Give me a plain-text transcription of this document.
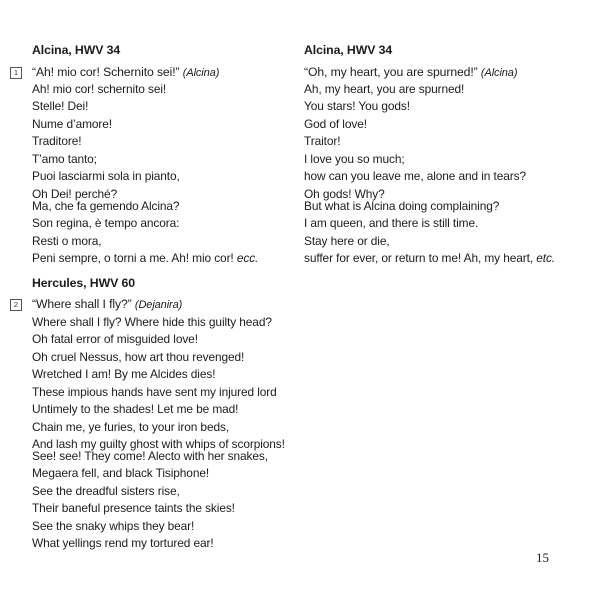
Alcina, HWV 34
1	“Ah! mio cor! Schernito sei!” (Alcina)
Ah! mio cor! schernito sei!
Stelle! Dei!
Nume d’amore!
Traditore!
T’amo tanto;
Puoi lasciarmi sola in pianto,
Oh Dei! perché?
Ma, che fa gemendo Alcina?
Son regina, è tempo ancora:
Resti o mora,
Peni sempre, o torni a me. Ah! mio cor! ecc.
Hercules, HWV 60
2	“Where shall I fly?” (Dejanira)
Where shall I fly? Where hide this guilty head?
Oh fatal error of misguided love!
Oh cruel Nessus, how art thou revenged!
Wretched I am! By me Alcides dies!
These impious hands have sent my injured lord
Untimely to the shades! Let me be mad!
Chain me, ye furies, to your iron beds,
And lash my guilty ghost with whips of scorpions!
See! see! They come! Alecto with her snakes,
Megaera fell, and black Tisiphone!
See the dreadful sisters rise,
Their baneful presence taints the skies!
See the snaky whips they bear!
What yellings rend my tortured ear!
Alcina, HWV 34
“Oh, my heart, you are spurned!” (Alcina)
Ah, my heart, you are spurned!
You stars! You gods!
God of love!
Traitor!
I love you so much;
how can you leave me, alone and in tears?
Oh gods! Why?
But what is Alcina doing complaining?
I am queen, and there is still time.
Stay here or die,
suffer for ever, or return to me! Ah, my heart, etc.
15
